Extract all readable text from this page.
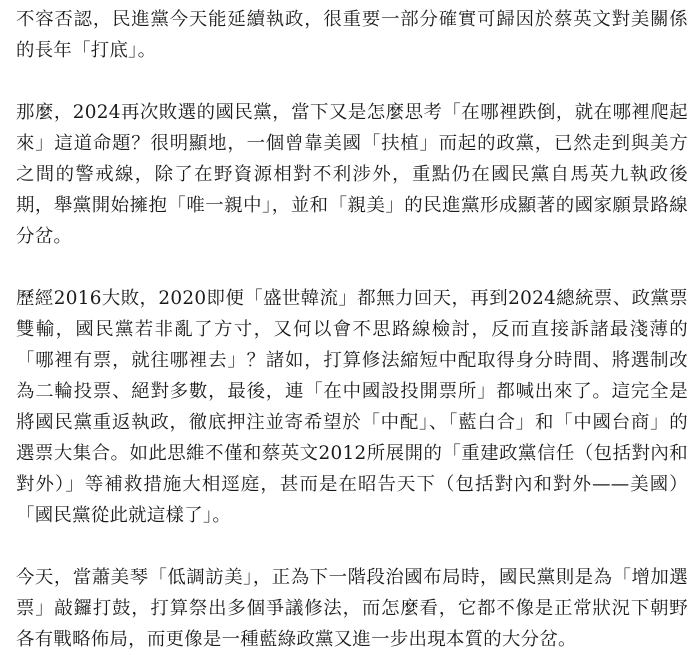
不容否認，民進黨今天能延續執政，很重要一部分確實可歸因於蔡英文對美關係的長年「打底」。

那麼，2024再次敗選的國民黨，當下又是怎麼思考「在哪裡跌倒，就在哪裡爬起來」這道命題？很明顯地，一個曾靠美國「扶植」而起的政黨，已然走到與美方之間的警戒線，除了在野資源相對不利涉外，重點仍在國民黨自馬英九執政後期，舉黨開始擁抱「唯一親中」，並和「親美」的民進黨形成顯著的國家願景路線分岔。

歷經2016大敗，2020即便「盛世韓流」都無力回天，再到2024總統票、政黨票雙輸，國民黨若非亂了方寸，又何以會不思路線檢討，反而直接訴諸最淺薄的「哪裡有票，就往哪裡去」？諸如，打算修法縮短中配取得身分時間、將選制改為二輪投票、絕對多數，最後，連「在中國設投開票所」都喊出來了。這完全是將國民黨重返執政，徹底押注並寄希望於「中配」、「藍白合」和「中國台商」的選票大集合。如此思維不僅和蔡英文2012所展開的「重建政黨信任（包括對內和對外）」等補救措施大相逕庭，甚而是在昭告天下（包括對內和對外——美國）「國民黨從此就這樣了」。

今天，當蕭美琴「低調訪美」，正為下一階段治國布局時，國民黨則是為「增加選票」敲鑼打鼓，打算祭出多個爭議修法，而怎麼看，它都不像是正常狀況下朝野各有戰略佈局，而更像是一種藍綠政黨又進一步出現本質的大分岔。
